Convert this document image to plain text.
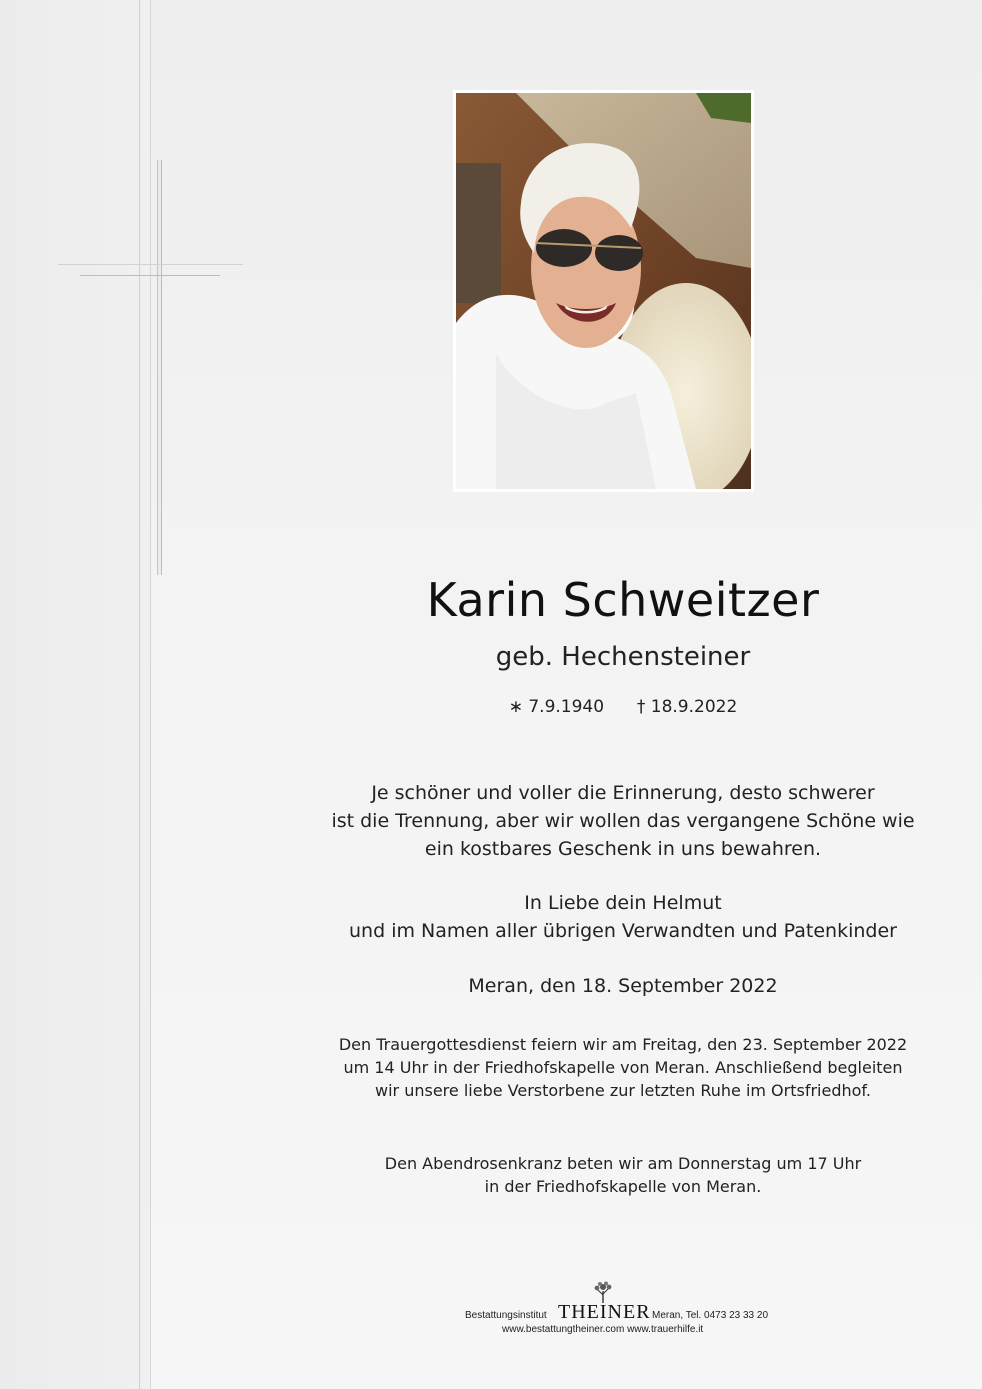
Karin Schweitzer
geb. Hechensteiner
∗ 7.9.1940 † 18.9.2022
Je schöner und voller die Erinnerung, desto schwerer
ist die Trennung, aber wir wollen das vergangene Schöne wie
ein kostbares Geschenk in uns bewahren.
In Liebe dein Helmut
und im Namen aller übrigen Verwandten und Patenkinder
Meran, den 18. September 2022
Den Trauergottesdienst feiern wir am Freitag, den 23. September 2022
um 14 Uhr in der Friedhofskapelle von Meran. Anschließend begleiten
wir unsere liebe Verstorbene zur letzten Ruhe im Ortsfriedhof.
Den Abendrosenkranz beten wir am Donnerstag um 17 Uhr
in der Friedhofskapelle von Meran.
Bestattungsinstitut THEINER Meran, Tel. 0473 23 33 20
www.bestattungtheiner.com www.trauerhilfe.it
